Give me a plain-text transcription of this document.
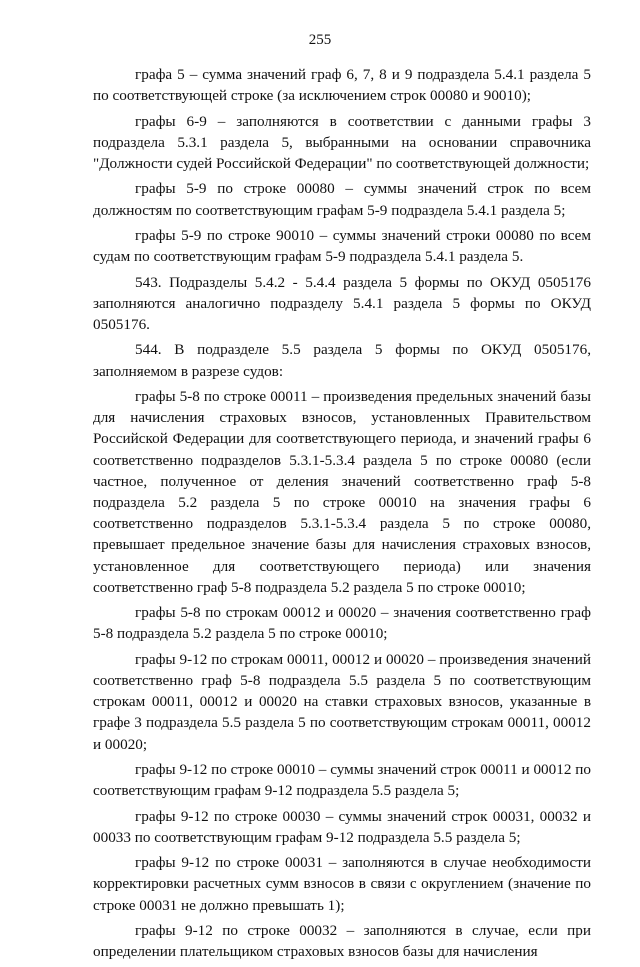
255

графа 5 – сумма значений граф 6, 7, 8 и 9 подраздела 5.4.1 раздела 5 по соответствующей строке (за исключением строк 00080 и 90010);

графы 6-9 – заполняются в соответствии с данными графы 3 подраздела 5.3.1 раздела 5, выбранными на основании справочника "Должности судей Российской Федерации" по соответствующей должности;

графы 5-9 по строке 00080 – суммы значений строк по всем должностям по соответствующим графам 5-9 подраздела 5.4.1 раздела 5;

графы 5-9 по строке 90010 – суммы значений строки 00080 по всем судам по соответствующим графам 5-9 подраздела 5.4.1 раздела 5.

543. Подразделы 5.4.2 - 5.4.4 раздела 5 формы по ОКУД 0505176 заполняются аналогично подразделу 5.4.1 раздела 5 формы по ОКУД 0505176.

544. В подразделе 5.5 раздела 5 формы по ОКУД 0505176, заполняемом в разрезе судов:

графы 5-8 по строке 00011 – произведения предельных значений базы для начисления страховых взносов, установленных Правительством Российской Федерации для соответствующего периода, и значений графы 6 соответственно подразделов 5.3.1-5.3.4 раздела 5 по строке 00080 (если частное, полученное от деления значений соответственно граф 5-8 подраздела 5.2 раздела 5 по строке 00010 на значения графы 6 соответственно подразделов 5.3.1-5.3.4 раздела 5 по строке 00080, превышает предельное значение базы для начисления страховых взносов, установленное для соответствующего периода) или значения соответственно граф 5-8 подраздела 5.2 раздела 5 по строке 00010;

графы 5-8 по строкам 00012 и 00020 – значения соответственно граф 5-8 подраздела 5.2 раздела 5 по строке 00010;

графы 9-12 по строкам 00011, 00012 и 00020 – произведения значений соответственно граф 5-8 подраздела 5.5 раздела 5 по соответствующим строкам 00011, 00012 и 00020 на ставки страховых взносов, указанные в графе 3 подраздела 5.5 раздела 5 по соответствующим строкам 00011, 00012 и 00020;

графы 9-12 по строке 00010 – суммы значений строк 00011 и 00012 по соответствующим графам 9-12 подраздела 5.5 раздела 5;

графы 9-12 по строке 00030 – суммы значений строк 00031, 00032 и 00033 по соответствующим графам 9-12 подраздела 5.5 раздела 5;

графы 9-12 по строке 00031 – заполняются в случае необходимости корректировки расчетных сумм взносов в связи с округлением (значение по строке 00031 не должно превышать 1);

графы 9-12 по строке 00032 – заполняются в случае, если при определении плательщиком страховых взносов базы для начисления
